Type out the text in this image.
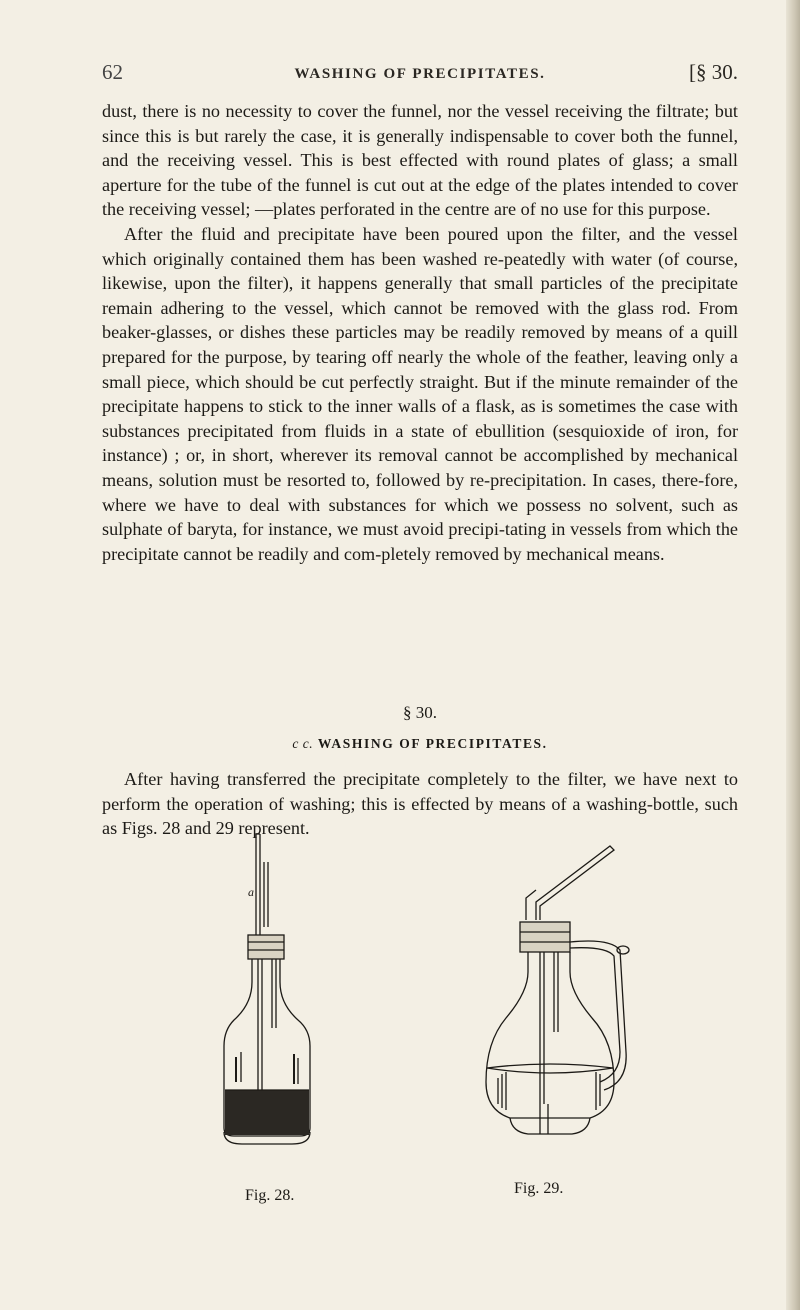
62	WASHING OF PRECIPITATES.	[§ 30.

dust, there is no necessity to cover the funnel, nor the vessel receiving the filtrate; but since this is but rarely the case, it is generally indispensable to cover both the funnel, and the receiving vessel. This is best effected with round plates of glass; a small aperture for the tube of the funnel is cut out at the edge of the plates intended to cover the receiving vessel; —plates perforated in the centre are of no use for this purpose.

After the fluid and precipitate have been poured upon the filter, and the vessel which originally contained them has been washed re-peatedly with water (of course, likewise, upon the filter), it happens generally that small particles of the precipitate remain adhering to the vessel, which cannot be removed with the glass rod. From beaker-glasses, or dishes these particles may be readily removed by means of a quill prepared for the purpose, by tearing off nearly the whole of the feather, leaving only a small piece, which should be cut perfectly straight. But if the minute remainder of the precipitate happens to stick to the inner walls of a flask, as is sometimes the case with substances precipitated from fluids in a state of ebullition (sesquioxide of iron, for instance) ; or, in short, wherever its removal cannot be accomplished by mechanical means, solution must be resorted to, followed by re-precipitation. In cases, there-fore, where we have to deal with substances for which we possess no solvent, such as sulphate of baryta, for instance, we must avoid precipi-tating in vessels from which the precipitate cannot be readily and com-pletely removed by mechanical means.

§ 30.
c c. WASHING OF PRECIPITATES.

After having transferred the precipitate completely to the filter, we have next to perform the operation of washing; this is effected by means of a washing-bottle, such as Figs. 28 and 29 represent.

a
Fig. 28.	Fig. 29.
